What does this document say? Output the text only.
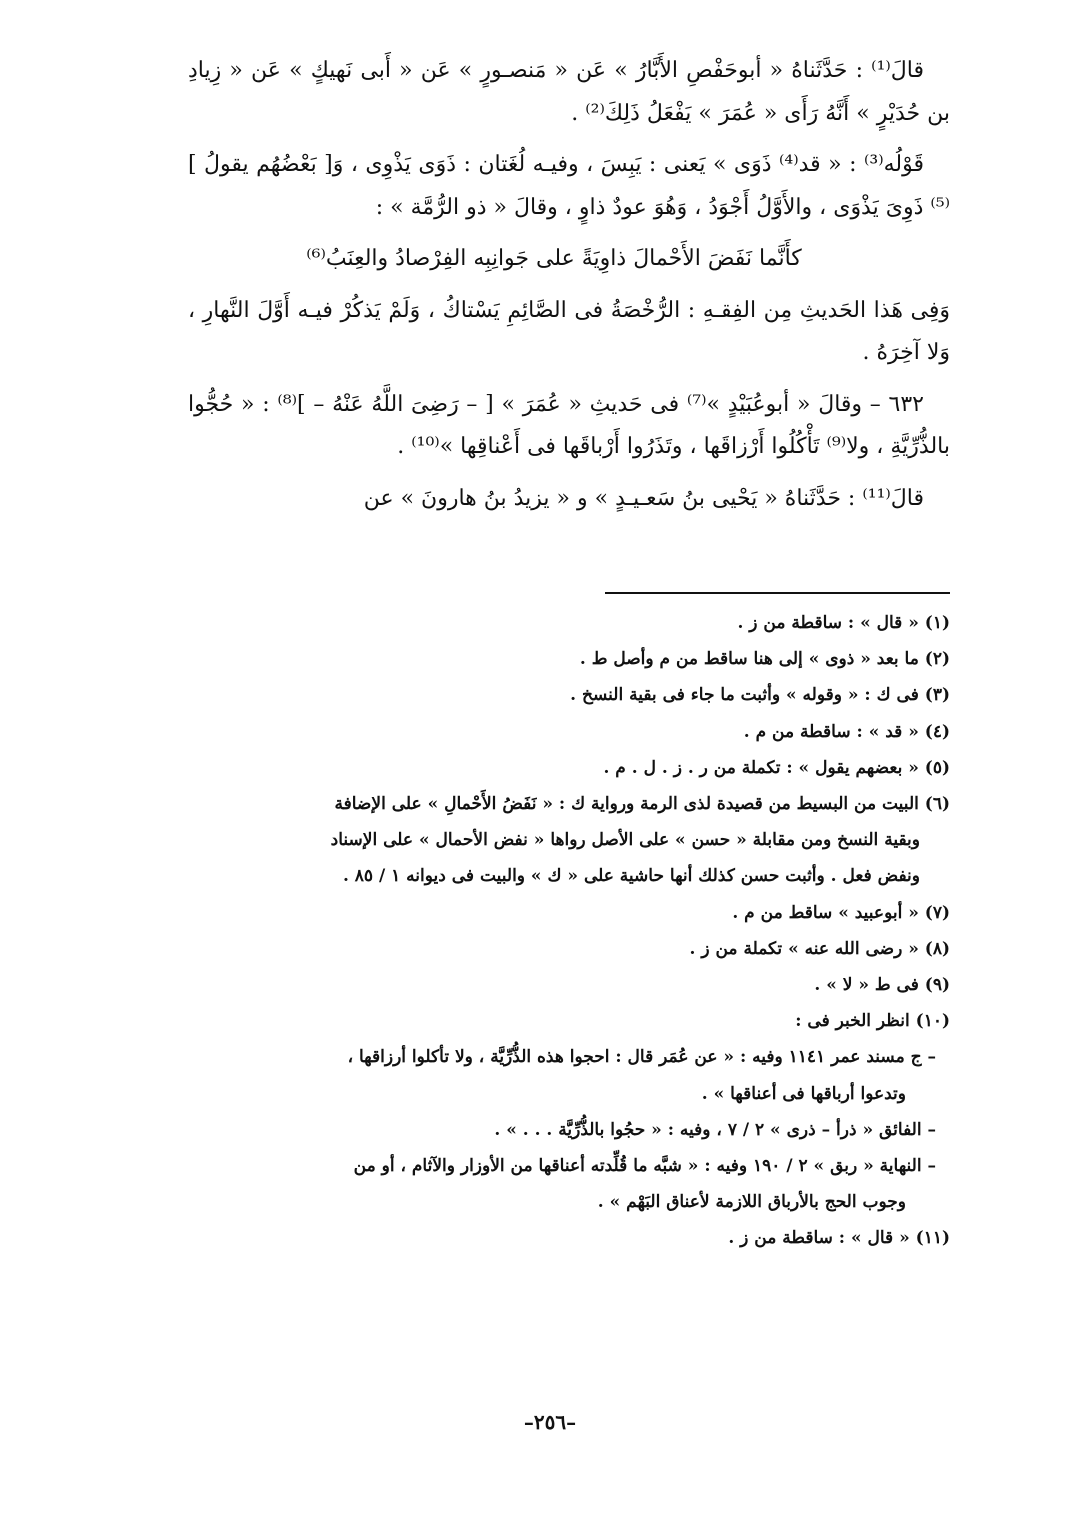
قالَ⁽¹⁾ : حَدَّثَناهُ « أبوحَفْصِ الأَبَّارُ » عَن « مَنصـورٍ » عَن « أَبى نَهيكٍ » عَن « زِيادِ بن حُدَيْرٍ » أَنَّهُ رَأَى « عُمَرَ » يَفْعَلُ ذَلِكَ⁽²⁾ .

قَوْلُه⁽³⁾ : « قد⁽⁴⁾ ذَوَى » يَعنى : يَبِسَ ، وفيـه لُغَتان : ذَوَى يَذْوِى ، وَ[ بَعْضُهُم يقولُ ]⁽⁵⁾ ذَوِىَ يَذْوَى ، والأَوَّلُ أَجْوَدُ ، وَهُوَ عودٌ ذاوٍ ، وقالَ « ذو الرُّمَّة » :

كأَنَّما نَفَضَ الأَحْمالَ ذاوِيَةً على جَوانِبِه الفِرْصادُ والعِنَبُ⁽⁶⁾

وَفِى هَذا الحَديثِ مِن الفِقـهِ : الرُّخْصَةُ فى الصَّائِمِ يَسْتاكُ ، وَلَمْ يَذكُرْ فيـه أَوَّلَ النَّهارِ ، وَلا آخِرَهُ .

٦٣٢ – وقالَ « أبوعُبَيْدٍ »⁽⁷⁾ فى حَديثِ « عُمَرَ » [ – رَضِىَ اللَّهُ عَنْهُ – ]⁽⁸⁾ : « حُجُّوا بالذُّرِّيَّةِ ، ولا⁽⁹⁾ تَأْكُلُوا أَرْزاقَها ، وتَذَرُوا أَرْباقَها فى أَعْناقِها »⁽¹⁰⁾ .

قالَ⁽¹¹⁾ : حَدَّثَناهُ « يَحْيى بنُ سَعـيـدٍ » و « يزيدُ بنُ هارونَ » عن

(١) « قال » : ساقطة من ز .

(٢) ما بعد « ذوى » إلى هنا ساقط من م وأصل ط .

(٣) فى ك : « وقوله » وأثبت ما جاء فى بقية النسخ .

(٤) « قد » : ساقطة من م .

(٥) « بعضهم يقول » : تكملة من ر . ز . ل . م .

(٦) البيت من البسيط من قصيدة لذى الرمة ورواية ك : « نَفَضُ الأَحْمالِ » على الإضافة

وبقية النسخ ومن مقابلة « حسن » على الأصل رواها « نفض الأحمال » على الإسناد

ونفض فعل . وأثبت حسن كذلك أنها حاشية على « ك » والبيت فى ديوانه ١ / ٨٥ .

(٧) « أبوعبيد » ساقط من م .

(٨) « رضى الله عنه » تكملة من ز .

(٩) فى ط « لا » .

(١٠) انظر الخبر فى :

– ج مسند عمر ١١٤١ وفيه : « عن عُمَر قال : احجوا هذه الذُّرِّيَّة ، ولا تأكلوا أرزاقها ،

وتدعوا أرباقها فى أعناقها » .

– الفائق « ذرأ – ذرى » ٢ / ٧ ، وفيه : « حجُوا بالذُّرِّيَّة . . . » .

– النهاية « ربق » ٢ / ١٩٠ وفيه : « شبَّه ما قُلِّدته أعناقها من الأوزار والآثام ، أو من

وجوب الحج بالأرباق اللازمة لأعناق البَهْم » .

(١١) « قال » : ساقطة من ز .

–٢٥٦–
